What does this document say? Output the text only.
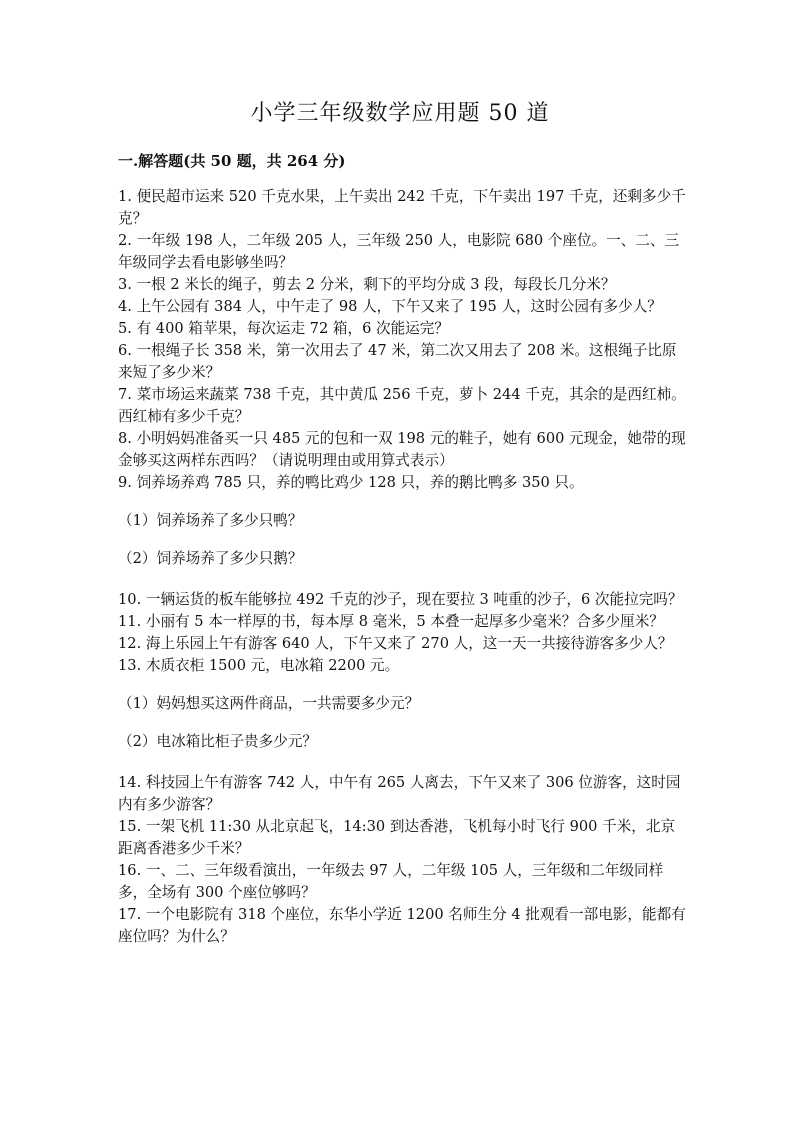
小学三年级数学应用题 50 道
一.解答题(共 50 题，共 264 分)

1. 便民超市运来 520 千克水果，上午卖出 242 千克，下午卖出 197 千克，还剩多少千克？

2. 一年级 198 人，二年级 205 人，三年级 250 人，电影院 680 个座位。一、二、三年级同学去看电影够坐吗？

3. 一根 2 米长的绳子，剪去 2 分米，剩下的平均分成 3 段，每段长几分米？

4. 上午公园有 384 人，中午走了 98 人，下午又来了 195 人，这时公园有多少人？

5. 有 400 箱苹果，每次运走 72 箱，6 次能运完？

6. 一根绳子长 358 米，第一次用去了 47 米，第二次又用去了 208 米。这根绳子比原来短了多少米？

7. 菜市场运来蔬菜 738 千克，其中黄瓜 256 千克，萝卜 244 千克，其余的是西红柿。西红柿有多少千克？

8. 小明妈妈准备买一只 485 元的包和一双 198 元的鞋子，她有 600 元现金，她带的现金够买这两样东西吗？（请说明理由或用算式表示）

9. 饲养场养鸡 785 只，养的鸭比鸡少 128 只，养的鹅比鸭多 350 只。

（1）饲养场养了多少只鸭？

（2）饲养场养了多少只鹅？

10. 一辆运货的板车能够拉 492 千克的沙子，现在要拉 3 吨重的沙子，6 次能拉完吗？

11. 小丽有 5 本一样厚的书，每本厚 8 毫米，5 本叠一起厚多少毫米？合多少厘米？

12. 海上乐园上午有游客 640 人，下午又来了 270 人，这一天一共接待游客多少人？

13. 木质衣柜 1500 元，电冰箱 2200 元。

（1）妈妈想买这两件商品，一共需要多少元？

（2）电冰箱比柜子贵多少元？

14. 科技园上午有游客 742 人，中午有 265 人离去，下午又来了 306 位游客，这时园内有多少游客？

15. 一架飞机 11:30 从北京起飞，14:30 到达香港，飞机每小时飞行 900 千米，北京距离香港多少千米？

16. 一、二、三年级看演出，一年级去 97 人，二年级 105 人，三年级和二年级同样多，全场有 300 个座位够吗？

17. 一个电影院有 318 个座位，东华小学近 1200 名师生分 4 批观看一部电影，能都有座位吗？为什么？
